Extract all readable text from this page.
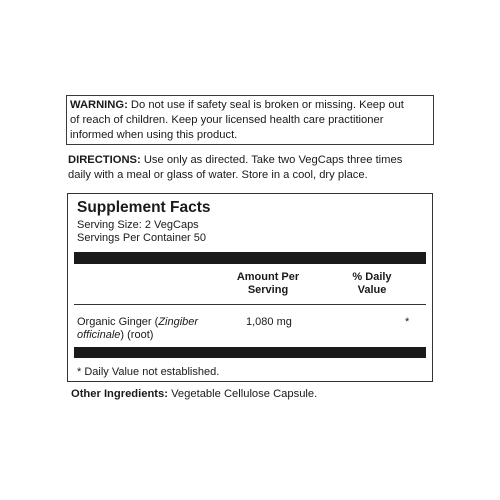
WARNING: Do not use if safety seal is broken or missing. Keep out
of reach of children. Keep your licensed health care practitioner
informed when using this product.
DIRECTIONS: Use only as directed. Take two VegCaps three times
daily with a meal or glass of water. Store in a cool, dry place.
Supplement Facts
Serving Size: 2 VegCaps
Servings Per Container 50
Amount Per
Serving
% Daily
Value
Organic Ginger (Zingiber
officinale) (root)
1,080 mg	*
* Daily Value not established.
Other Ingredients: Vegetable Cellulose Capsule.
